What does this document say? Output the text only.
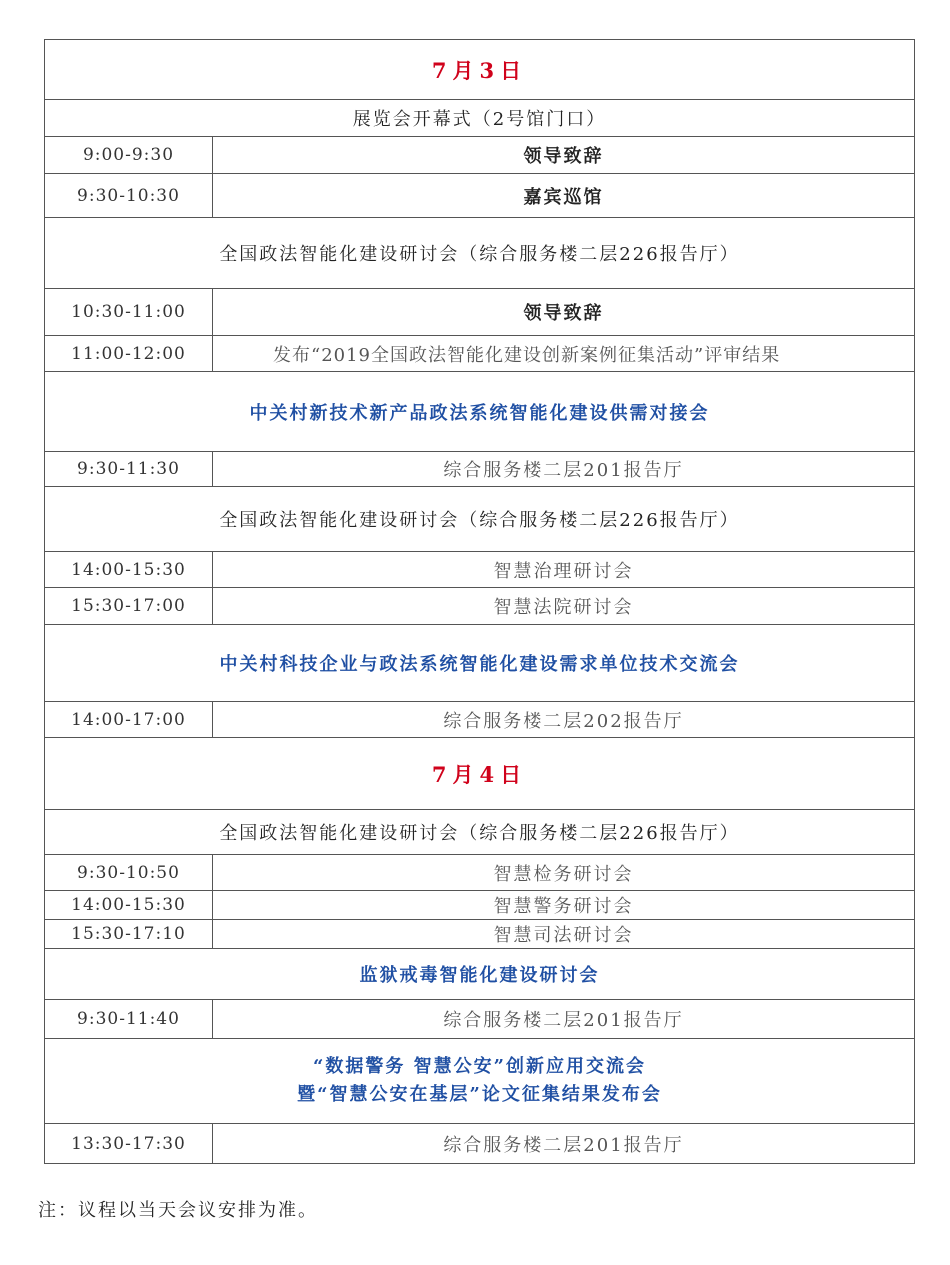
7月3日	
展览会开幕式（2号馆门口）	
9:00-9:30	领导致辞
9:30-10:30	嘉宾巡馆
全国政法智能化建设研讨会（综合服务楼二层226报告厅）	
10:30-11:00	领导致辞
11:00-12:00	发布“2019全国政法智能化建设创新案例征集活动”评审结果
中关村新技术新产品政法系统智能化建设供需对接会	
9:30-11:30	综合服务楼二层201报告厅
全国政法智能化建设研讨会（综合服务楼二层226报告厅）	
14:00-15:30	智慧治理研讨会
15:30-17:00	智慧法院研讨会
中关村科技企业与政法系统智能化建设需求单位技术交流会	
14:00-17:00	综合服务楼二层202报告厅
7月4日	
全国政法智能化建设研讨会（综合服务楼二层226报告厅）	
9:30-10:50	智慧检务研讨会
14:00-15:30	智慧警务研讨会
15:30-17:10	智慧司法研讨会
监狱戒毒智能化建设研讨会	
9:30-11:40	综合服务楼二层201报告厅

“数据警务 智慧公安”创新应用交流会
暨“智慧公安在基层”论文征集结果发布会	

13:30-17:30	综合服务楼二层201报告厅
注：议程以当天会议安排为准。
